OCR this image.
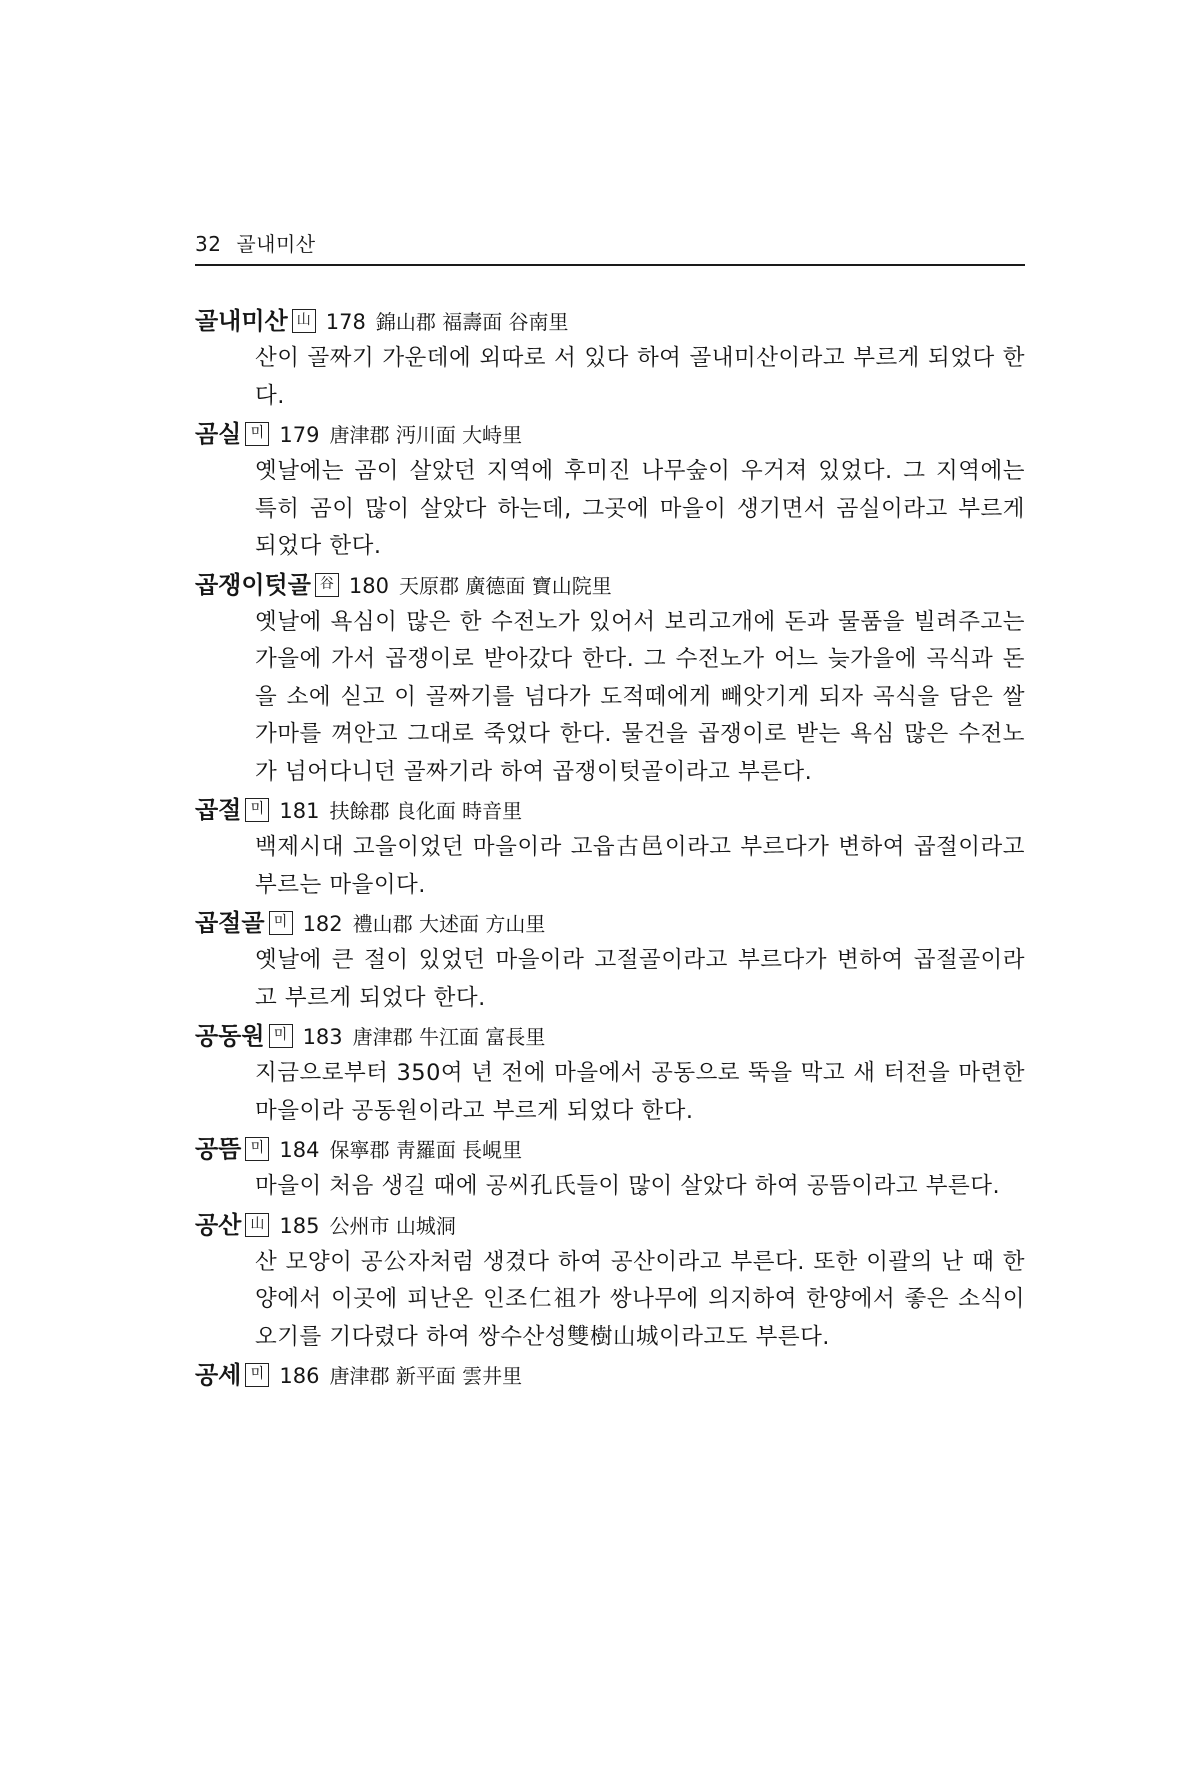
32 골내미산
골내미산 山 178 錦山郡 福壽面 谷南里

산이 골짜기 가운데에 외따로 서 있다 하여 골내미산이라고 부르게 되었다 한다.

곰실 미 179 唐津郡 沔川面 大峙里

옛날에는 곰이 살았던 지역에 후미진 나무숲이 우거져 있었다. 그 지역에는 특히 곰이 많이 살았다 하는데, 그곳에 마을이 생기면서 곰실이라고 부르게 되었다 한다.

곱쟁이텃골 谷 180 天原郡 廣德面 寶山院里

옛날에 욕심이 많은 한 수전노가 있어서 보리고개에 돈과 물품을 빌려주고는 가을에 가서 곱쟁이로 받아갔다 한다. 그 수전노가 어느 늦가을에 곡식과 돈을 소에 싣고 이 골짜기를 넘다가 도적떼에게 빼앗기게 되자 곡식을 담은 쌀가마를 껴안고 그대로 죽었다 한다. 물건을 곱쟁이로 받는 욕심 많은 수전노가 넘어다니던 골짜기라 하여 곱쟁이텃골이라고 부른다.

곱절 미 181 扶餘郡 良化面 時音里

백제시대 고을이었던 마을이라 고읍古邑이라고 부르다가 변하여 곱절이라고 부르는 마을이다.

곱절골 미 182 禮山郡 大述面 方山里

옛날에 큰 절이 있었던 마을이라 고절골이라고 부르다가 변하여 곱절골이라고 부르게 되었다 한다.

공동원 미 183 唐津郡 牛江面 富長里

지금으로부터 350여 년 전에 마을에서 공동으로 뚝을 막고 새 터전을 마련한 마을이라 공동원이라고 부르게 되었다 한다.

공뜸 미 184 保寧郡 靑羅面 長峴里

마을이 처음 생길 때에 공씨孔氏들이 많이 살았다 하여 공뜸이라고 부른다.

공산 山 185 公州市 山城洞

산 모양이 공公자처럼 생겼다 하여 공산이라고 부른다. 또한 이괄의 난 때 한양에서 이곳에 피난온 인조仁祖가 쌍나무에 의지하여 한양에서 좋은 소식이 오기를 기다렸다 하여 쌍수산성雙樹山城이라고도 부른다.

공세 미 186 唐津郡 新平面 雲井里
